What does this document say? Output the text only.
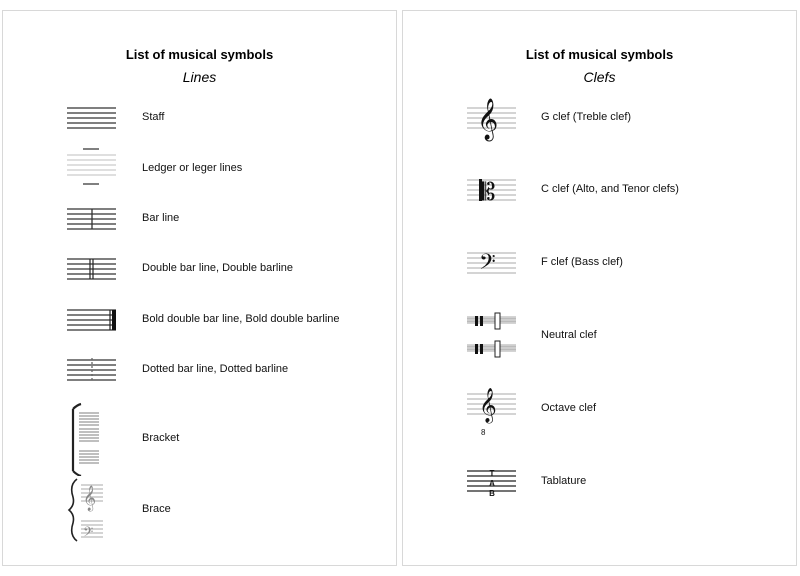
List of musical symbols
Lines
Staff
Ledger or leger lines
Bar line
Double bar line, Double barline
Bold double bar line, Bold double barline
Dotted bar line, Dotted barline
Bracket
𝄞
𝄢
Brace
List of musical symbols
Clefs
𝄞	G clef (Treble clef)
𝄡	C clef (Alto, and Tenor clefs)
𝄢	F clef (Bass clef)
Neutral clef
𝄞
8
Octave clef
T
A
B
Tablature
